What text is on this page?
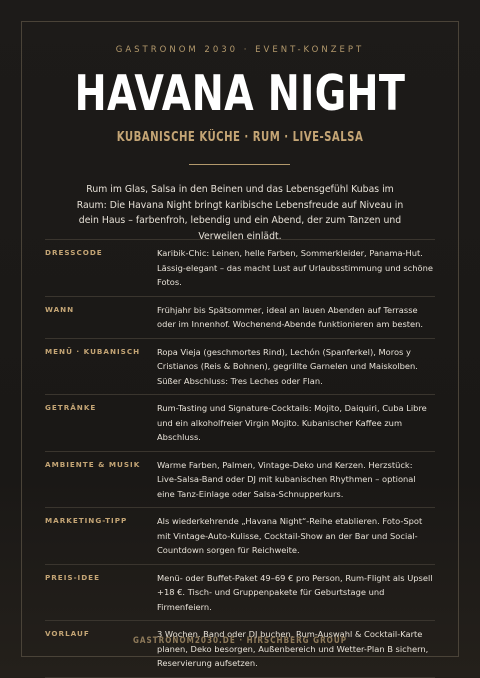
GASTRONOM 2030 · EVENT-KONZEPT
HAVANA NIGHT
KUBANISCHE KÜCHE · RUM · LIVE-SALSA
Rum im Glas, Salsa in den Beinen und das Lebensgefühl Kubas im Raum: Die Havana Night bringt karibische Lebensfreude auf Niveau in dein Haus – farbenfroh, lebendig und ein Abend, der zum Tanzen und Verweilen einlädt.
DRESSCODE	Karibik-Chic: Leinen, helle Farben, Sommerkleider, Panama-Hut. Lässig-elegant – das macht Lust auf Urlaubsstimmung und schöne Fotos.
WANN	Frühjahr bis Spätsommer, ideal an lauen Abenden auf Terrasse oder im Innenhof. Wochenend-Abende funktionieren am besten.
MENÜ · KUBANISCH	Ropa Vieja (geschmortes Rind), Lechón (Spanferkel), Moros y Cristianos (Reis & Bohnen), gegrillte Garnelen und Maiskolben. Süßer Abschluss: Tres Leches oder Flan.
GETRÄNKE	Rum-Tasting und Signature-Cocktails: Mojito, Daiquiri, Cuba Libre und ein alkoholfreier Virgin Mojito. Kubanischer Kaffee zum Abschluss.
AMBIENTE & MUSIK	Warme Farben, Palmen, Vintage-Deko und Kerzen. Herzstück: Live-Salsa-Band oder DJ mit kubanischen Rhythmen – optional eine Tanz-Einlage oder Salsa-Schnupperkurs.
MARKETING-TIPP	Als wiederkehrende „Havana Night“-Reihe etablieren. Foto-Spot mit Vintage-Auto-Kulisse, Cocktail-Show an der Bar und Social-Countdown sorgen für Reichweite.
PREIS-IDEE	Menü- oder Buffet-Paket 49–69 € pro Person, Rum-Flight als Upsell +18 €. Tisch- und Gruppenpakete für Geburtstage und Firmenfeiern.
VORLAUF	3 Wochen. Band oder DJ buchen, Rum-Auswahl & Cocktail-Karte planen, Deko besorgen, Außenbereich und Wetter-Plan B sichern, Reservierung aufsetzen.
GASTRONOM2030.DE · HIRSCHBERG GROUP
